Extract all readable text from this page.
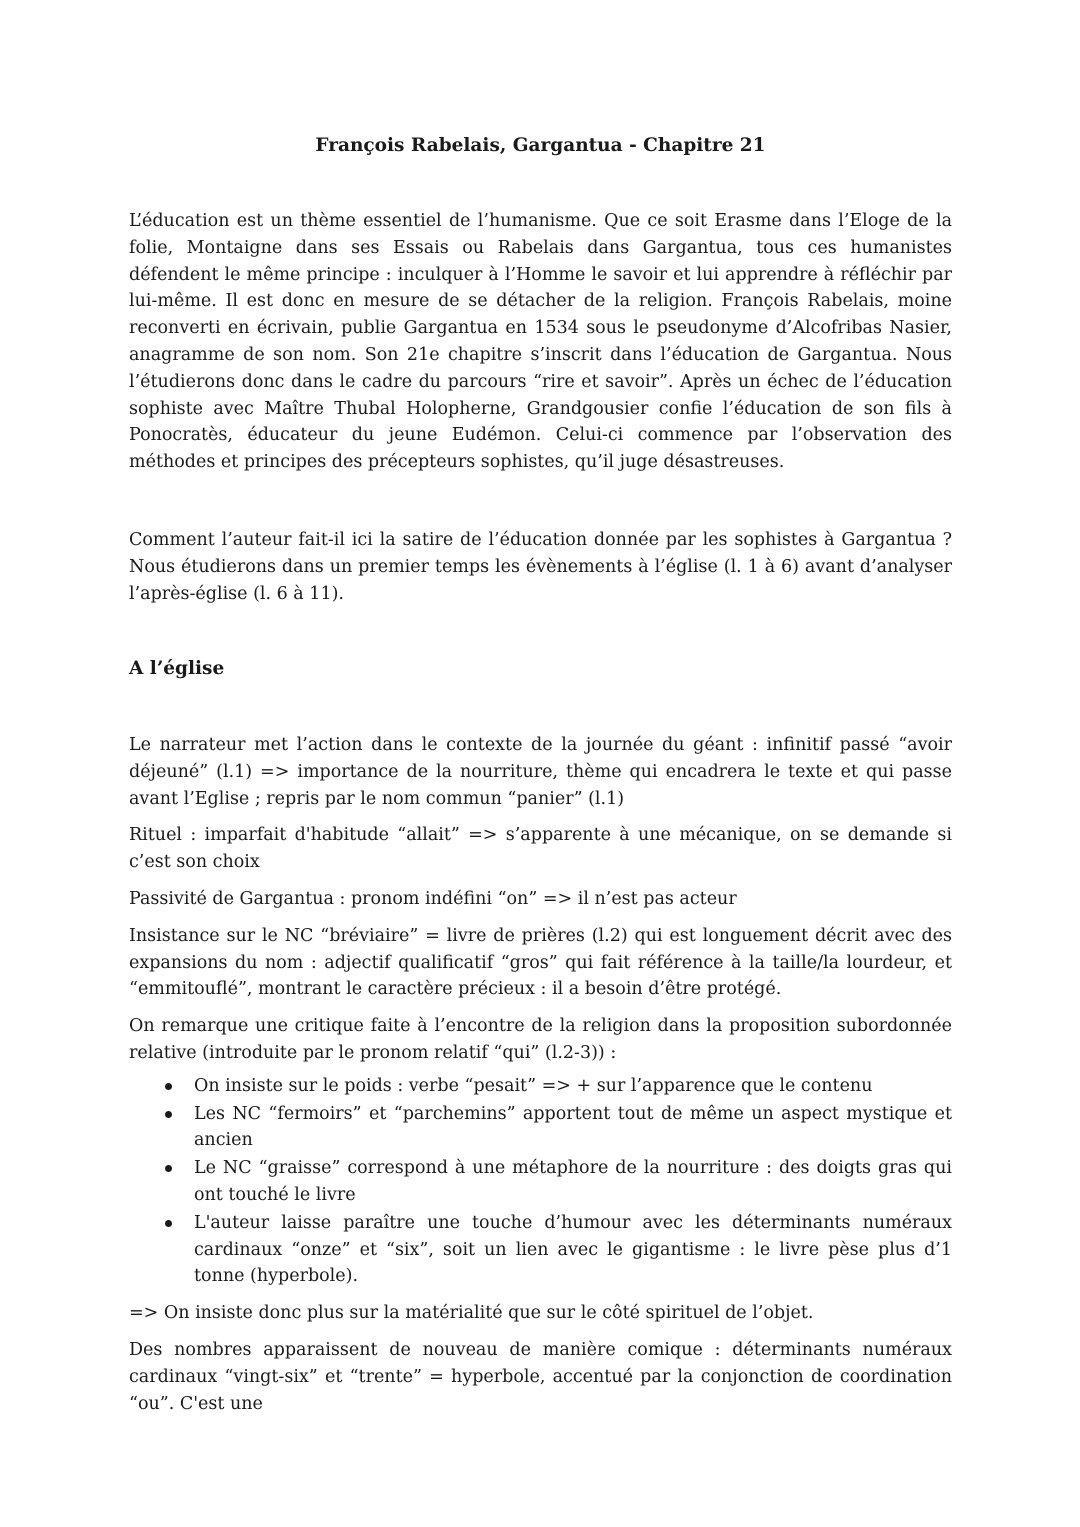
François Rabelais, Gargantua - Chapitre 21

L’éducation est un thème essentiel de l’humanisme. Que ce soit Erasme dans l’Eloge de la folie, Montaigne dans ses Essais ou Rabelais dans Gargantua, tous ces humanistes défendent le même principe : inculquer à l’Homme le savoir et lui apprendre à réfléchir par lui-même. Il est donc en mesure de se détacher de la religion. François Rabelais, moine reconverti en écrivain, publie Gargantua en 1534 sous le pseudonyme d’Alcofribas Nasier, anagramme de son nom. Son 21e chapitre s’inscrit dans l’éducation de Gargantua. Nous l’étudierons donc dans le cadre du parcours “rire et savoir”. Après un échec de l’éducation sophiste avec Maître Thubal Holopherne, Grandgousier confie l’éducation de son fils à Ponocratès, éducateur du jeune Eudémon. Celui-ci commence par l’observation des méthodes et principes des précepteurs sophistes, qu’il juge désastreuses.

Comment l’auteur fait-il ici la satire de l’éducation donnée par les sophistes à Gargantua ? Nous étudierons dans un premier temps les évènements à l’église (l. 1 à 6) avant d’analyser l’après-église (l. 6 à 11).

A l’église

Le narrateur met l’action dans le contexte de la journée du géant : infinitif passé “avoir déjeuné” (l.1) => importance de la nourriture, thème qui encadrera le texte et qui passe avant l’Eglise ; repris par le nom commun “panier” (l.1)

Rituel : imparfait d'habitude “allait” => s’apparente à une mécanique, on se demande si c’est son choix

Passivité de Gargantua : pronom indéfini “on” => il n’est pas acteur

Insistance sur le NC “bréviaire” = livre de prières (l.2) qui est longuement décrit avec des expansions du nom : adjectif qualificatif “gros” qui fait référence à la taille/la lourdeur, et “emmitouflé”, montrant le caractère précieux : il a besoin d’être protégé.

On remarque une critique faite à l’encontre de la religion dans la proposition subordonnée relative (introduite par le pronom relatif “qui” (l.2-3)) :

On insiste sur le poids : verbe “pesait” => + sur l’apparence que le contenu
Les NC “fermoirs” et “parchemins” apportent tout de même un aspect mystique et ancien
Le NC “graisse” correspond à une métaphore de la nourriture : des doigts gras qui ont touché le livre
L'auteur laisse paraître une touche d’humour avec les déterminants numéraux cardinaux “onze” et “six”, soit un lien avec le gigantisme : le livre pèse plus d’1 tonne (hyperbole).

=> On insiste donc plus sur la matérialité que sur le côté spirituel de l’objet.

Des nombres apparaissent de nouveau de manière comique : déterminants numéraux cardinaux “vingt-six” et “trente” = hyperbole, accentué par la conjonction de coordination “ou”. C'est une
